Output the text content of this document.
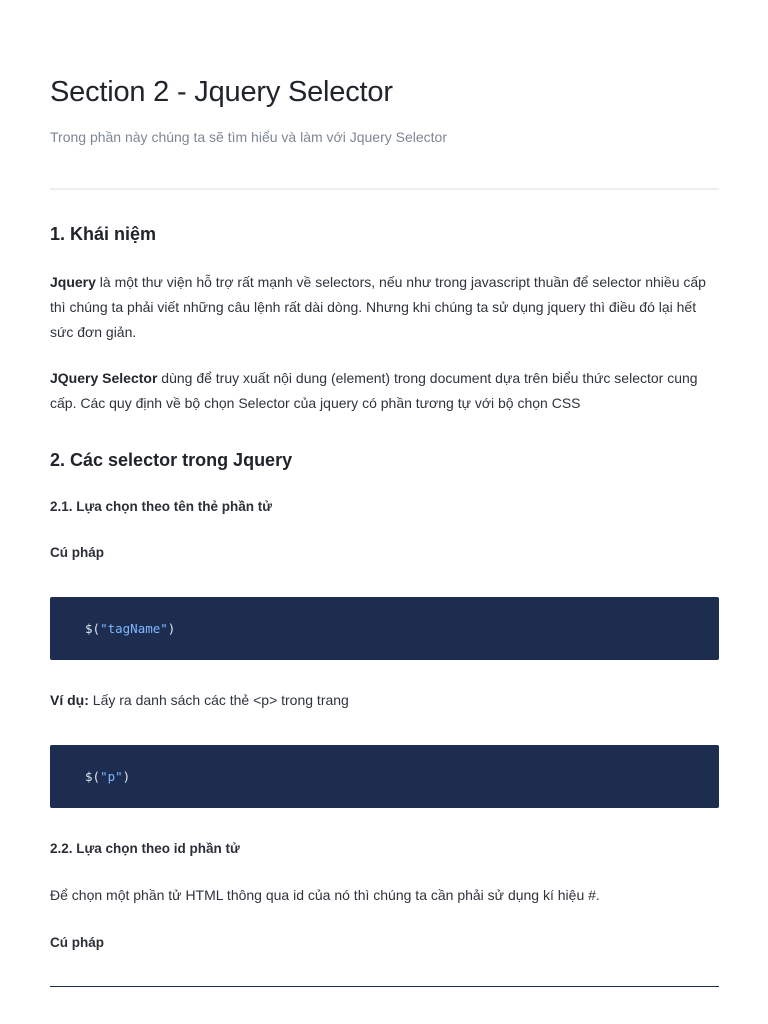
Section 2 - Jquery Selector

Trong phần này chúng ta sẽ tìm hiểu và làm với Jquery Selector

1. Khái niệm

Jquery là một thư viện hỗ trợ rất mạnh về selectors, nếu như trong javascript thuần để selector nhiều cấp thì chúng ta phải viết những câu lệnh rất dài dòng. Nhưng khi chúng ta sử dụng jquery thì điều đó lại hết sức đơn giản.

JQuery Selector dùng để truy xuất nội dung (element) trong document dựa trên biểu thức selector cung cấp. Các quy định về bộ chọn Selector của jquery có phần tương tự với bộ chọn CSS

2. Các selector trong Jquery
2.1. Lựa chọn theo tên thẻ phần tử
Cú pháp
$( "tagName" )

Ví dụ: Lấy ra danh sách các thẻ <p> trong trang

$( "p" )
2.2. Lựa chọn theo id phần tử

Để chọn một phần tử HTML thông qua id của nó thì chúng ta cần phải sử dụng kí hiệu #.

Cú pháp
